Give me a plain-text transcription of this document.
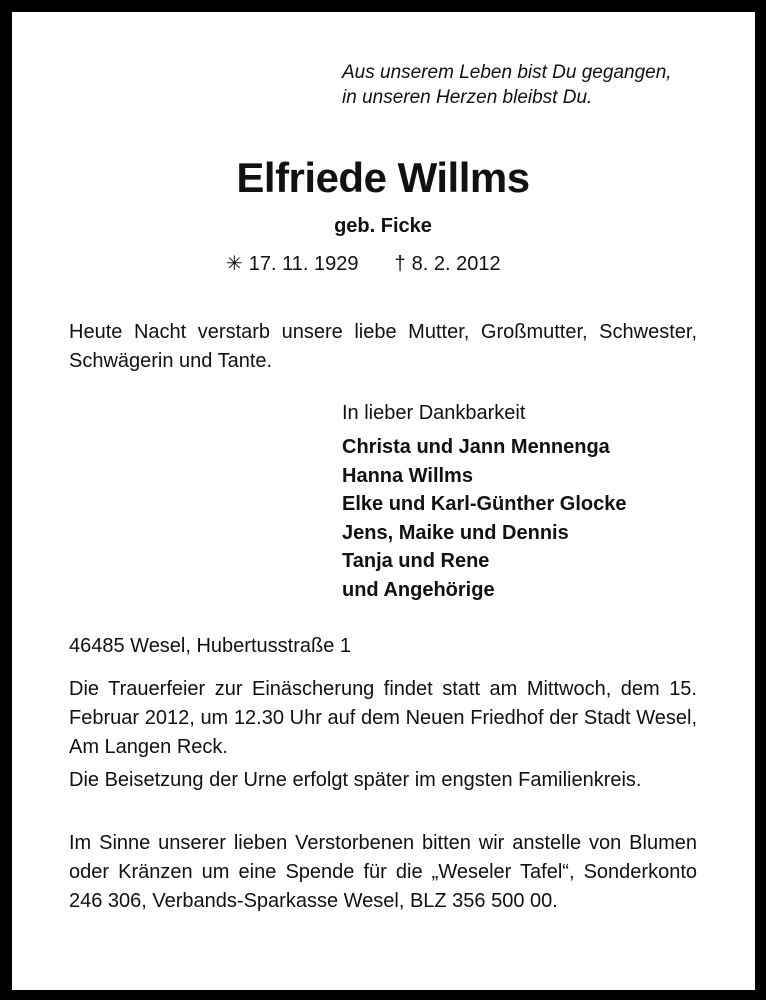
Aus unserem Leben bist Du gegangen,
in unseren Herzen bleibst Du.
Elfriede Willms
geb. Ficke
✳ 17. 11. 1929 † 8. 2. 2012

Heute Nacht verstarb unsere liebe Mutter, Großmutter, Schwester, Schwägerin und Tante.

In lieber Dankbarkeit
Christa und Jann Mennenga
Hanna Willms
Elke und Karl-Günther Glocke
Jens, Maike und Dennis
Tanja und Rene
und Angehörige
46485 Wesel, Hubertusstraße 1

Die Trauerfeier zur Einäscherung findet statt am Mittwoch, dem 15. Februar 2012, um 12.30 Uhr auf dem Neuen Friedhof der Stadt Wesel, Am Langen Reck.

Die Beisetzung der Urne erfolgt später im engsten Familienkreis.

Im Sinne unserer lieben Verstorbenen bitten wir anstelle von Blumen oder Kränzen um eine Spende für die „Weseler Tafel“, Sonderkonto 246 306, Verbands-Sparkasse Wesel, BLZ 356 500 00.
